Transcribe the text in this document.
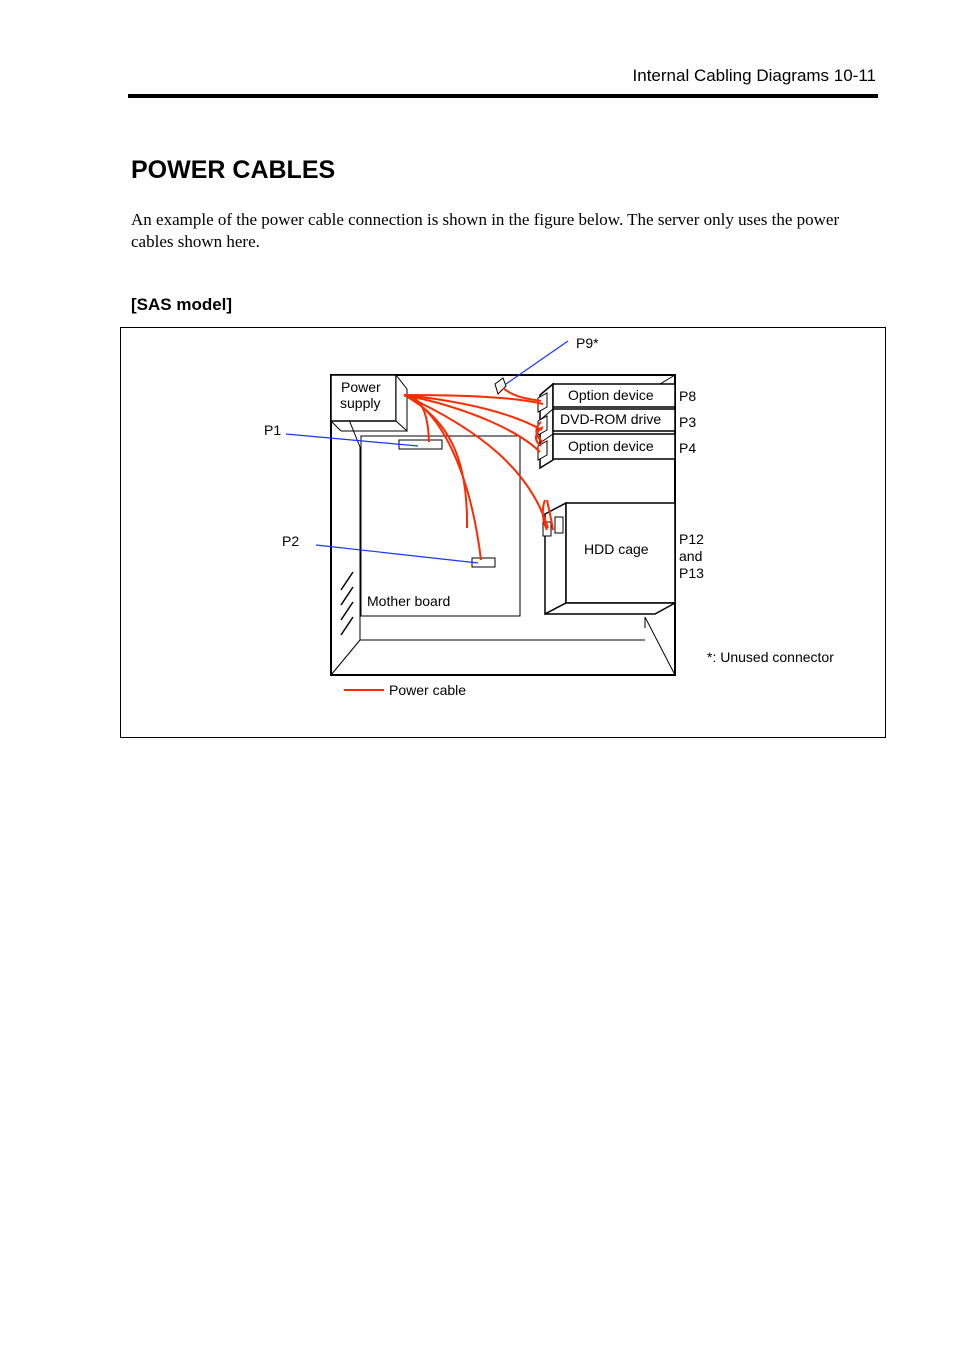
Internal Cabling Diagrams 10-11
POWER CABLES

An example of the power cable connection is shown in the figure below. The server only uses the power cables shown here.

[SAS model]
Mother board
Power
supply	Option device
DVD-ROM drive
Option device
HDD cage
P1
P2
P9*
P8
P3
P4
P12
and
P13
*: Unused connector
Power cable
